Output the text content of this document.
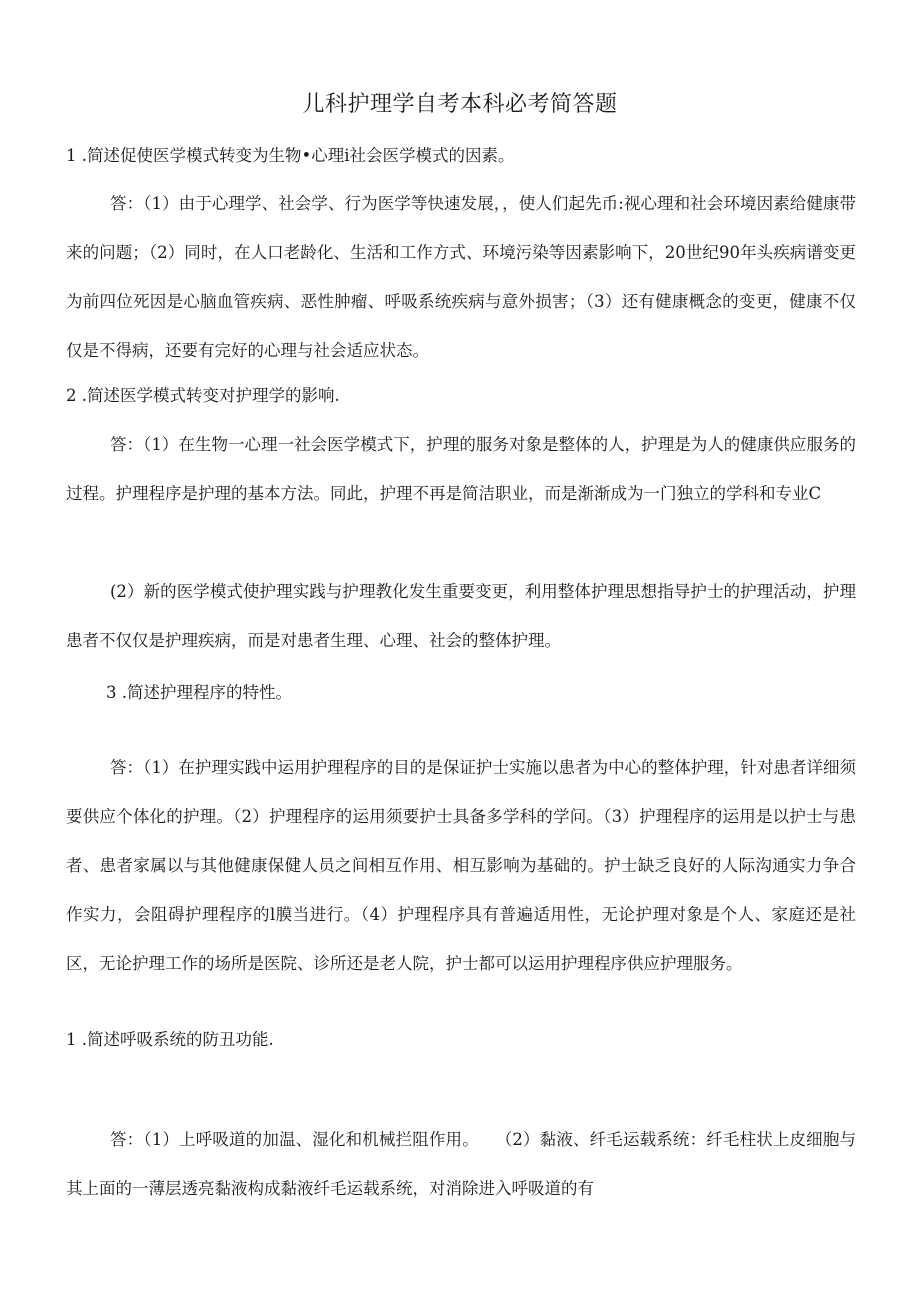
儿科护理学自考本科必考简答题

1 .简述促使医学模式转变为生物•心理i社会医学模式的因素。

答：（1）由于心理学、社会学、行为医学等快速发展，，使人们起先币:视心理和社会环境因素给健康带来的问题；（2）同时，在人口老龄化、生活和工作方式、环境污染等因素影响下，20世纪90年头疾病谱变更为前四位死因是心脑血管疾病、恶性肿瘤、呼吸系统疾病与意外损害；（3）还有健康概念的变更，健康不仅仅是不得病，还要有完好的心理与社会适应状态。

2 .简述医学模式转变对护理学的影响.

答：（1）在生物一心理一社会医学模式下，护理的服务对象是整体的人，护理是为人的健康供应服务的过程。护理程序是护理的基本方法。同此，护理不再是简洁职业，而是渐渐成为一门独立的学科和专业C

(2）新的医学模式使护理实践与护理教化发生重要变更，利用整体护理思想指导护士的护理活动，护理患者不仅仅是护理疾病，而是对患者生理、心理、社会的整体护理。

3 .简述护理程序的特性。

答：（1）在护理实践中运用护理程序的目的是保证护士实施以患者为中心的整体护理，针对患者详细须要供应个体化的护理。（2）护理程序的运用须要护士具备多学科的学问。（3）护理程序的运用是以护士与患者、患者家属以与其他健康保健人员之间相互作用、相互影响为基础的。护士缺乏良好的人际沟通实力争合作实力，会阻碍护理程序的l膜当进行。（4）护理程序具有普遍适用性，无论护理对象是个人、家庭还是社区，无论护理工作的场所是医院、诊所还是老人院，护士都可以运用护理程序供应护理服务。

1 .简述呼吸系统的防丑功能.

答：（1）上呼吸道的加温、湿化和机械拦阻作用。　　（2）黏液、纤毛运载系统：纤毛柱状上皮细胞与其上面的一薄层透亮黏液构成黏液纤毛运载系统，对消除进入呼吸道的有
